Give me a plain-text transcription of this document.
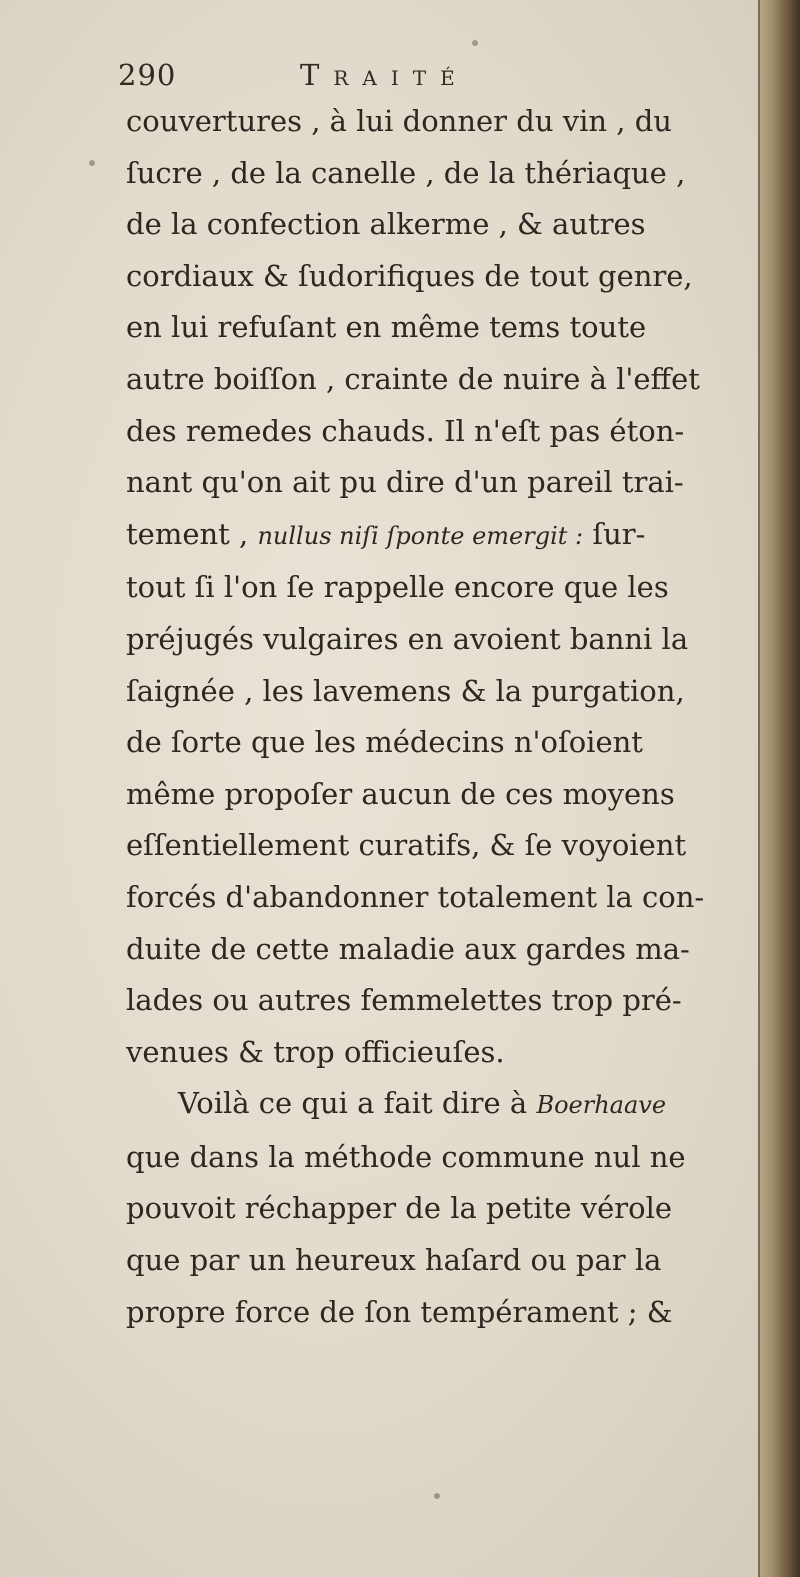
290	Traité
couvertures , à lui donner du vin , du
ſucre , de la canelle , de la thériaque ,
de la confection alkerme , & autres
cordiaux & ſudorifiques de tout genre,
en lui refuſant en même tems toute
autre boiſſon , crainte de nuire à l'effet
des remedes chauds. Il n'eſt pas éton-
nant qu'on ait pu dire d'un pareil trai-
tement , nullus niſi ſponte emergit : ſur-
tout ſi l'on ſe rappelle encore que les
préjugés vulgaires en avoient banni la
ſaignée , les lavemens & la purgation,
de ſorte que les médecins n'oſoient
même propoſer aucun de ces moyens
eſſentiellement curatifs, & ſe voyoient
forcés d'abandonner totalement la con-
duite de cette maladie aux gardes ma-
lades ou autres femmelettes trop pré-
venues & trop officieuſes.
Voilà ce qui a fait dire à Boerhaave
que dans la méthode commune nul ne
pouvoit réchapper de la petite vérole
que par un heureux haſard ou par la
propre force de ſon tempérament ; &
